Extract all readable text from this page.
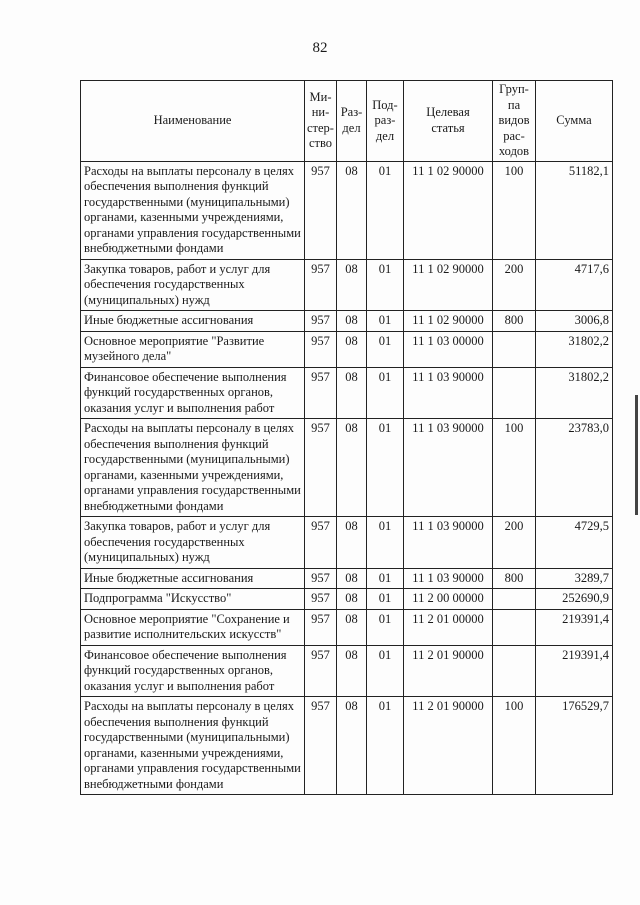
82
Наименование	Ми-
ни-
стер-
ство	Раз-
дел	Под-
раз-
дел	Целевая
статья	Груп-
па
видов
рас-
ходов	Сумма

Расходы на выплаты персоналу в целях обеспечения выполнения функций государственными (муниципальными) органами, казенными учреждениями, органами управления государственными внебюджетными фондами	957	08	01	11 1 02 90000	100	51182,1
Закупка товаров, работ и услуг для обеспечения государственных (муниципальных) нужд	957	08	01	11 1 02 90000	200	4717,6
Иные бюджетные ассигнования	957	08	01	11 1 02 90000	800	3006,8
Основное мероприятие "Развитие музейного дела"	957	08	01	11 1 03 00000		31802,2
Финансовое обеспечение выполнения функций государственных органов, оказания услуг и выполнения работ	957	08	01	11 1 03 90000		31802,2
Расходы на выплаты персоналу в целях обеспечения выполнения функций государственными (муниципальными) органами, казенными учреждениями, органами управления государственными внебюджетными фондами	957	08	01	11 1 03 90000	100	23783,0
Закупка товаров, работ и услуг для обеспечения государственных (муниципальных) нужд	957	08	01	11 1 03 90000	200	4729,5
Иные бюджетные ассигнования	957	08	01	11 1 03 90000	800	3289,7
Подпрограмма "Искусство"	957	08	01	11 2 00 00000		252690,9
Основное мероприятие "Сохранение и развитие исполнительских искусств"	957	08	01	11 2 01 00000		219391,4
Финансовое обеспечение выполнения функций государственных органов, оказания услуг и выполнения работ	957	08	01	11 2 01 90000		219391,4
Расходы на выплаты персоналу в целях обеспечения выполнения функций государственными (муниципальными) органами, казенными учреждениями, органами управления государственными внебюджетными фондами	957	08	01	11 2 01 90000	100	176529,7
